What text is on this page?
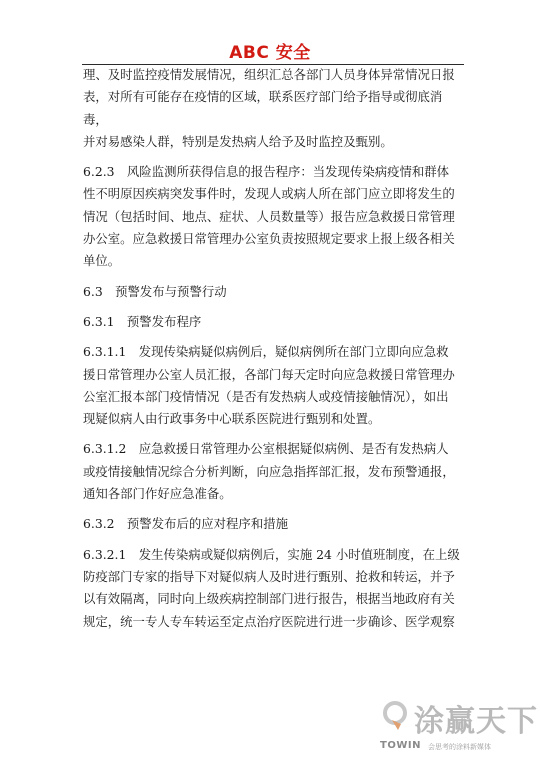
ABC 安全

理、及时监控疫情发展情况，组织汇总各部门人员身体异常情况日报
表，对所有可能存在疫情的区域，联系医疗部门给予指导或彻底消毒，
并对易感染人群，特别是发热病人给予及时监控及甄别。

6.2.3　风险监测所获得信息的报告程序：当发现传染病疫情和群体
性不明原因疾病突发事件时，发现人或病人所在部门应立即将发生的
情况（包括时间、地点、症状、人员数量等）报告应急救援日常管理
办公室。应急救援日常管理办公室负责按照规定要求上报上级各相关
单位。

6.3　预警发布与预警行动

6.3.1　预警发布程序

6.3.1.1　发现传染病疑似病例后，疑似病例所在部门立即向应急救
援日常管理办公室人员汇报，各部门每天定时向应急救援日常管理办
公室汇报本部门疫情情况（是否有发热病人或疫情接触情况），如出
现疑似病人由行政事务中心联系医院进行甄别和处置。

6.3.1.2　应急救援日常管理办公室根据疑似病例、是否有发热病人
或疫情接触情况综合分析判断，向应急指挥部汇报，发布预警通报，
通知各部门作好应急准备。

6.3.2　预警发布后的应对程序和措施

6.3.2.1　发生传染病或疑似病例后，实施 24 小时值班制度，在上级
防疫部门专家的指导下对疑似病人及时进行甄别、抢救和转运，并予
以有效隔离，同时向上级疾病控制部门进行报告，根据当地政府有关
规定，统一专人专车转运至定点治疗医院进行进一步确诊、医学观察

涂赢天下
TOWIN 会思考的涂料新媒体
